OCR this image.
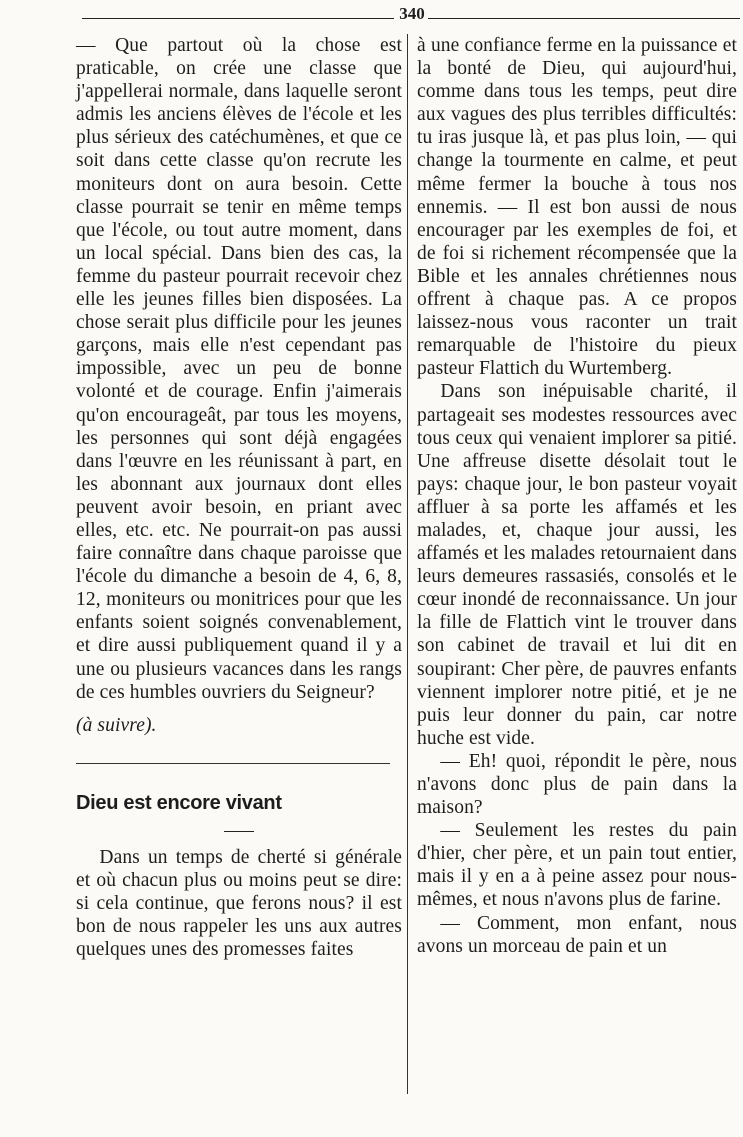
340

— Que partout où la chose est praticable, on crée une classe que j'appellerai normale, dans laquelle seront admis les anciens élèves de l'école et les plus sérieux des catéchumènes, et que ce soit dans cette classe qu'on recrute les moniteurs dont on aura besoin. Cette classe pourrait se tenir en même temps que l'école, ou tout autre moment, dans un local spécial. Dans bien des cas, la femme du pasteur pourrait recevoir chez elle les jeunes filles bien disposées. La chose serait plus difficile pour les jeunes garçons, mais elle n'est cependant pas impossible, avec un peu de bonne volonté et de courage. Enfin j'aimerais qu'on encourageât, par tous les moyens, les personnes qui sont déjà engagées dans l'œuvre en les réunissant à part, en les abonnant aux journaux dont elles peuvent avoir besoin, en priant avec elles, etc. etc. Ne pourrait-on pas aussi faire connaître dans chaque paroisse que l'école du dimanche a besoin de 4, 6, 8, 12, moniteurs ou monitrices pour que les enfants soient soignés convenablement, et dire aussi publiquement quand il y a une ou plusieurs vacances dans les rangs de ces humbles ouvriers du Seigneur?

(à suivre).

Dieu est encore vivant

Dans un temps de cherté si générale et où chacun plus ou moins peut se dire: si cela continue, que ferons nous? il est bon de nous rappeler les uns aux autres quelques unes des promesses faites

à une confiance ferme en la puissance et la bonté de Dieu, qui aujourd'hui, comme dans tous les temps, peut dire aux vagues des plus terribles difficultés: tu iras jusque là, et pas plus loin, — qui change la tourmente en calme, et peut même fermer la bouche à tous nos ennemis. — Il est bon aussi de nous encourager par les exemples de foi, et de foi si richement récompensée que la Bible et les annales chrétiennes nous offrent à chaque pas. A ce propos laissez-nous vous raconter un trait remarquable de l'histoire du pieux pasteur Flattich du Wurtemberg.

Dans son inépuisable charité, il partageait ses modestes ressources avec tous ceux qui venaient implorer sa pitié. Une affreuse disette désolait tout le pays: chaque jour, le bon pasteur voyait affluer à sa porte les affamés et les malades, et, chaque jour aussi, les affamés et les malades retournaient dans leurs demeures rassasiés, consolés et le cœur inondé de reconnaissance. Un jour la fille de Flattich vint le trouver dans son cabinet de travail et lui dit en soupirant: Cher père, de pauvres enfants viennent implorer notre pitié, et je ne puis leur donner du pain, car notre huche est vide.

— Eh! quoi, répondit le père, nous n'avons donc plus de pain dans la maison?

— Seulement les restes du pain d'hier, cher père, et un pain tout entier, mais il y en a à peine assez pour nous-mêmes, et nous n'avons plus de farine.

— Comment, mon enfant, nous avons un morceau de pain et un
